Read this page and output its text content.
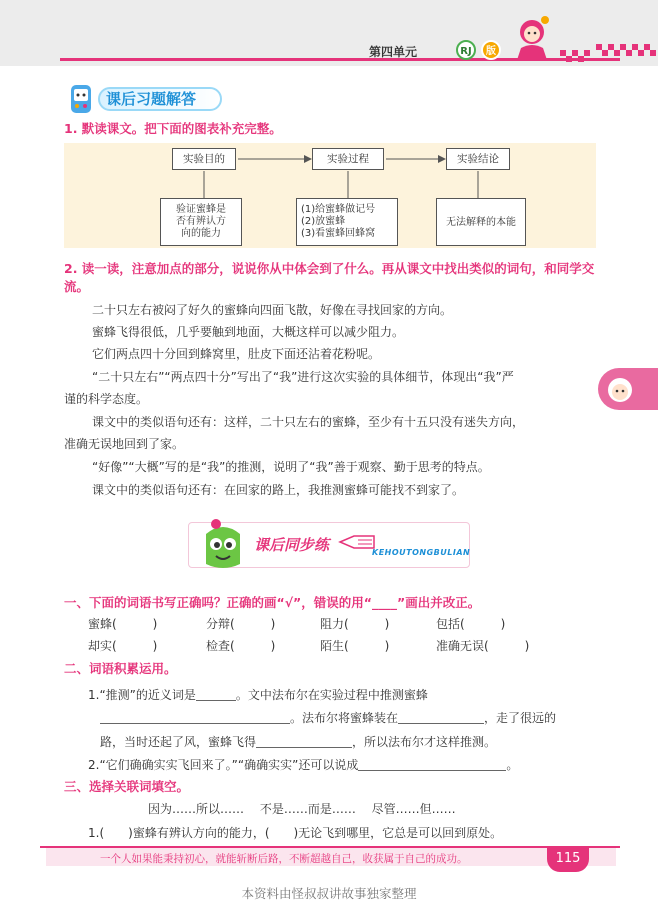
第四单元	RJ	版
课后习题解答
1. 默读课文。把下面的图表补充完整。
实验目的	实验过程	实验结论
验证蜜蜂是
否有辨认方
向的能力
(1)给蜜蜂做记号
(2)放蜜蜂
(3)看蜜蜂回蜂窝
无法解释的本能
2. 读一读，注意加点的部分，说说你从中体会到了什么。再从课文中找出类似的词句，和同学交流。
二十只左右被闷了好久的蜜蜂向四面飞散，好像在寻找回家的方向。
蜜蜂飞得很低，几乎要触到地面，大概这样可以减少阻力。
它们两点四十分回到蜂窝里，肚皮下面还沾着花粉呢。
“二十只左右”“两点四十分”写出了“我”进行这次实验的具体细节，体现出“我”严
谨的科学态度。
课文中的类似语句还有：这样，二十只左右的蜜蜂，至少有十五只没有迷失方向，
准确无误地回到了家。
“好像”“大概”写的是“我”的推测，说明了“我”善于观察、勤于思考的特点。
课文中的类似语句还有：在回家的路上，我推测蜜蜂可能找不到家了。
课后同步练	KEHOUTONGBULIAN
一、下面的词语书写正确吗？正确的画“√”，错误的用“____”画出并改正。
蜜蜂(　　　)	分辩(　　　)	阻力(　　　)	包括(　　　)
却实(　　　)	检查(　　　)	陌生(　　　)	准确无误(　　　)
二、词语积累运用。
1.“推测”的近义词是	。文中法布尔在实验过程中推测蜜蜂
。法布尔将蜜蜂装在	，走了很远的
路，当时还起了风，蜜蜂飞得	，所以法布尔才这样推测。
2.“它们确确实实飞回来了。”“确确实实”还可以说成	。
三、选择关联词填空。
因为……所以…… 不是……而是…… 尽管……但……
1.(　　)蜜蜂有辨认方向的能力，(　　)无论飞到哪里，它总是可以回到原处。
一个人如果能秉持初心，就能斩断后路，不断超越自己，收获属于自己的成功。	115
本资料由怪叔叔讲故事独家整理
